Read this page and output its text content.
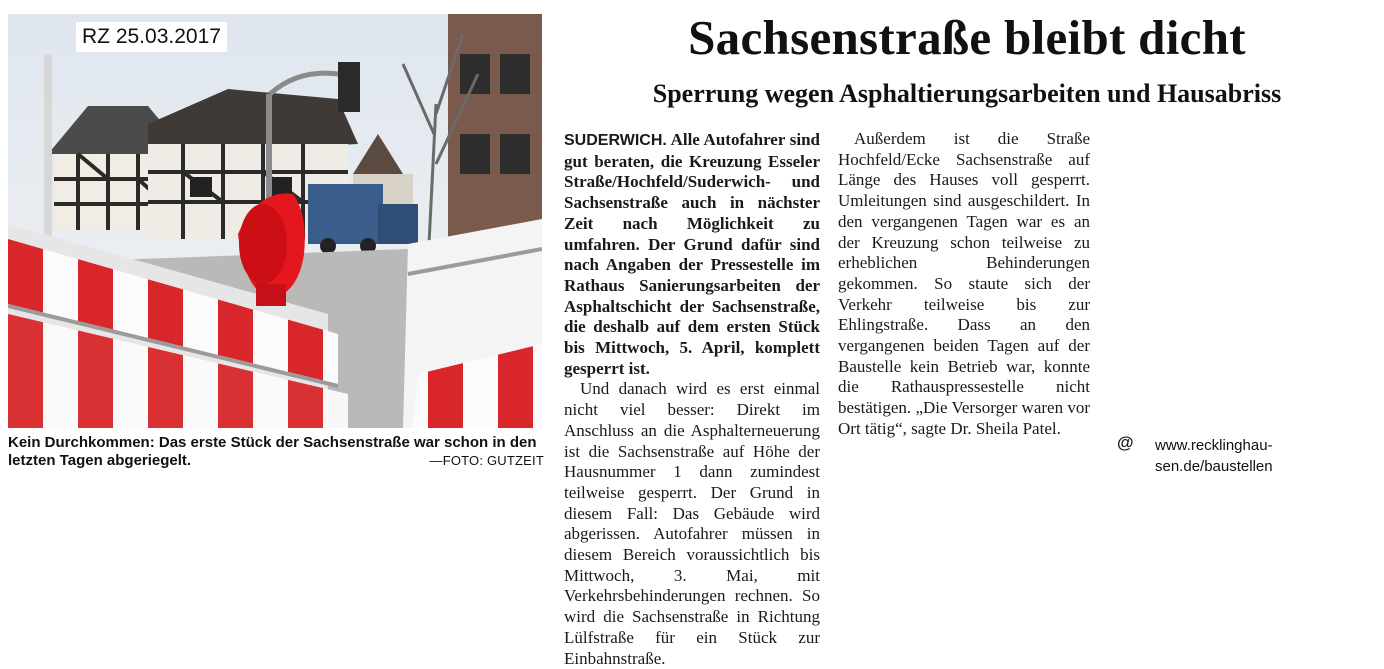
RZ 25.03.2017
Kein Durchkommen: Das erste Stück der Sachsenstraße war schon in den letzten Tagen abgeriegelt.	—FOTO: GUTZEIT
Sachsenstraße bleibt dicht
Sperrung wegen Asphaltierungsarbeiten und Hausabriss

SUDERWICH. Alle Autofahrer sind gut beraten, die Kreuzung Esseler Straße/Hochfeld/Suderwich- und Sachsenstraße auch in nächster Zeit nach Möglichkeit zu umfahren. Der Grund dafür sind nach Angaben der Pressestelle im Rathaus Sanierungsarbeiten der Asphaltschicht der Sachsenstraße, die deshalb auf dem ersten Stück bis Mittwoch, 5. April, komplett gesperrt ist.

Und danach wird es erst einmal nicht viel besser: Direkt im Anschluss an die Asphalterneuerung ist die Sachsenstraße auf Höhe der Hausnummer 1 dann zumindest teilweise gesperrt. Der Grund in diesem Fall: Das Gebäude wird abgerissen. Autofahrer müssen in diesem Bereich voraussichtlich bis Mittwoch, 3. Mai, mit Verkehrsbehinderungen rechnen. So wird die Sachsenstraße in Richtung Lülfstraße für ein Stück zur Einbahnstraße.

Außerdem ist die Straße Hochfeld/Ecke Sachsenstraße auf Länge des Hauses voll gesperrt. Umleitungen sind ausgeschildert. In den vergangenen Tagen war es an der Kreuzung schon teilweise zu erheblichen Behinderungen gekommen. So staute sich der Verkehr teilweise bis zur Ehlingstraße. Dass an den vergangenen beiden Tagen auf der Baustelle kein Betrieb war, konnte die Rathauspressestelle nicht bestätigen. „Die Versorger waren vor Ort tätig“, sagte Dr. Sheila Patel.

@ www.recklinghau-
sen.de/baustellen
